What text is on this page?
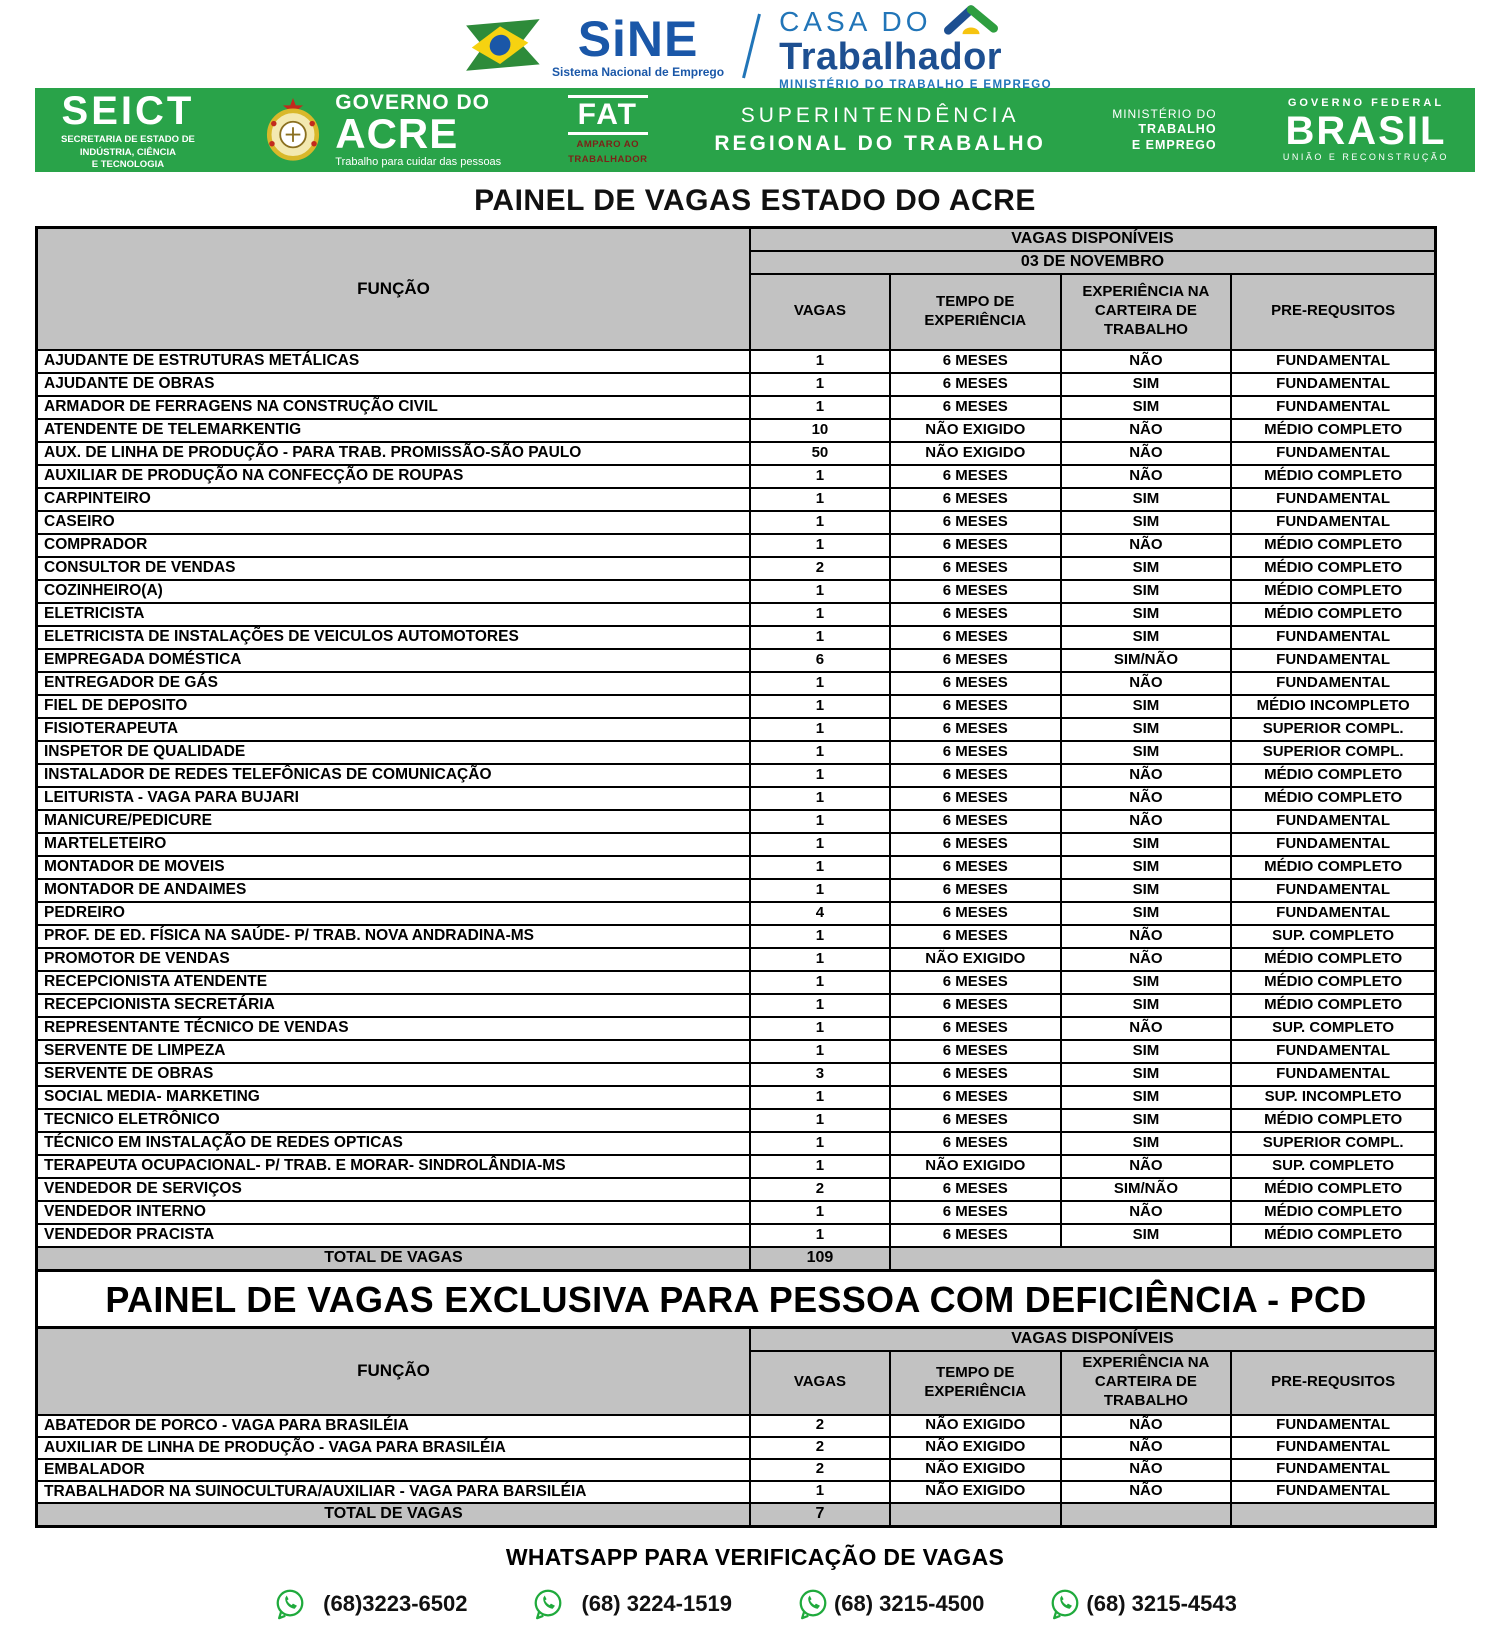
SiNE
Sistema Nacional de Emprego
CASA DO
Trabalhador
MINISTÉRIO DO TRABALHO E EMPREGO
SEICT
SECRETARIA DE ESTADO DE
INDÚSTRIA, CIÊNCIA
E TECNOLOGIA
GOVERNO DO
ACRE
Trabalho para cuidar das pessoas
FAT
AMPARO AO
TRABALHADOR
SUPERINTENDÊNCIA
REGIONAL DO TRABALHO
MINISTÉRIO DO
TRABALHO
E EMPREGO
GOVERNO FEDERAL
BRASIL
UNIÃO E RECONSTRUÇÃO
PAINEL DE VAGAS ESTADO DO ACRE
FUNÇÃO	VAGAS DISPONÍVEIS			
	03 DE NOVEMBRO			
	VAGAS	TEMPO DE EXPERIÊNCIA	EXPERIÊNCIA NA CARTEIRA DE TRABALHO	PRE-REQUSITOS
AJUDANTE DE ESTRUTURAS METÁLICAS	1	6 MESES	NÃO	FUNDAMENTAL
AJUDANTE DE OBRAS	1	6 MESES	SIM	FUNDAMENTAL
ARMADOR DE FERRAGENS NA CONSTRUÇÃO CIVIL	1	6 MESES	SIM	FUNDAMENTAL
ATENDENTE DE TELEMARKENTIG	10	NÃO EXIGIDO	NÃO	MÉDIO COMPLETO
AUX. DE LINHA DE PRODUÇÃO - PARA TRAB. PROMISSÃO-SÃO PAULO	50	NÃO EXIGIDO	NÃO	FUNDAMENTAL
AUXILIAR DE PRODUÇÃO NA CONFECÇÃO DE ROUPAS	1	6 MESES	NÃO	MÉDIO COMPLETO
CARPINTEIRO	1	6 MESES	SIM	FUNDAMENTAL
CASEIRO	1	6 MESES	SIM	FUNDAMENTAL
COMPRADOR	1	6 MESES	NÃO	MÉDIO COMPLETO
CONSULTOR DE VENDAS	2	6 MESES	SIM	MÉDIO COMPLETO
COZINHEIRO(A)	1	6 MESES	SIM	MÉDIO COMPLETO
ELETRICISTA	1	6 MESES	SIM	MÉDIO COMPLETO
ELETRICISTA DE INSTALAÇÕES DE VEICULOS AUTOMOTORES	1	6 MESES	SIM	FUNDAMENTAL
EMPREGADA DOMÉSTICA	6	6 MESES	SIM/NÃO	FUNDAMENTAL
ENTREGADOR DE GÁS	1	6 MESES	NÃO	FUNDAMENTAL
FIEL DE DEPOSITO	1	6 MESES	SIM	MÉDIO INCOMPLETO
FISIOTERAPEUTA	1	6 MESES	SIM	SUPERIOR COMPL.
INSPETOR DE QUALIDADE	1	6 MESES	SIM	SUPERIOR COMPL.
INSTALADOR DE REDES TELEFÔNICAS DE COMUNICAÇÃO	1	6 MESES	NÃO	MÉDIO COMPLETO
LEITURISTA - VAGA PARA BUJARI	1	6 MESES	NÃO	MÉDIO COMPLETO
MANICURE/PEDICURE	1	6 MESES	NÃO	FUNDAMENTAL
MARTELETEIRO	1	6 MESES	SIM	FUNDAMENTAL
MONTADOR DE MOVEIS	1	6 MESES	SIM	MÉDIO COMPLETO
MONTADOR DE ANDAIMES	1	6 MESES	SIM	FUNDAMENTAL
PEDREIRO	4	6 MESES	SIM	FUNDAMENTAL
PROF. DE ED. FÍSICA NA SAÚDE- P/ TRAB. NOVA ANDRADINA-MS	1	6 MESES	NÃO	SUP. COMPLETO
PROMOTOR DE VENDAS	1	NÃO EXIGIDO	NÃO	MÉDIO COMPLETO
RECEPCIONISTA ATENDENTE	1	6 MESES	SIM	MÉDIO COMPLETO
RECEPCIONISTA SECRETÁRIA	1	6 MESES	SIM	MÉDIO COMPLETO
REPRESENTANTE TÉCNICO DE VENDAS	1	6 MESES	NÃO	SUP. COMPLETO
SERVENTE DE LIMPEZA	1	6 MESES	SIM	FUNDAMENTAL
SERVENTE DE OBRAS	3	6 MESES	SIM	FUNDAMENTAL
SOCIAL MEDIA- MARKETING	1	6 MESES	SIM	SUP. INCOMPLETO
TECNICO ELETRÔNICO	1	6 MESES	SIM	MÉDIO COMPLETO
TÉCNICO EM INSTALAÇÃO DE REDES OPTICAS	1	6 MESES	SIM	SUPERIOR COMPL.
TERAPEUTA OCUPACIONAL- P/ TRAB. E MORAR- SINDROLÂNDIA-MS	1	NÃO EXIGIDO	NÃO	SUP. COMPLETO
VENDEDOR DE SERVIÇOS	2	6 MESES	SIM/NÃO	MÉDIO COMPLETO
VENDEDOR INTERNO	1	6 MESES	NÃO	MÉDIO COMPLETO
VENDEDOR PRACISTA	1	6 MESES	SIM	MÉDIO COMPLETO
TOTAL DE VAGAS	109			
PAINEL DE VAGAS EXCLUSIVA PARA PESSOA COM DEFICIÊNCIA - PCD
FUNÇÃO	VAGAS DISPONÍVEIS			
	VAGAS	TEMPO DE EXPERIÊNCIA	EXPERIÊNCIA NA CARTEIRA DE TRABALHO	PRE-REQUSITOS
ABATEDOR DE PORCO - VAGA PARA BRASILÉIA	2	NÃO EXIGIDO	NÃO	FUNDAMENTAL
AUXILIAR DE LINHA DE PRODUÇÃO - VAGA PARA BRASILÉIA	2	NÃO EXIGIDO	NÃO	FUNDAMENTAL
EMBALADOR	2	NÃO EXIGIDO	NÃO	FUNDAMENTAL
TRABALHADOR NA SUINOCULTURA/AUXILIAR - VAGA PARA BARSILÉIA	1	NÃO EXIGIDO	NÃO	FUNDAMENTAL
TOTAL DE VAGAS	7			
WHATSAPP PARA VERIFICAÇÃO DE VAGAS
(68)3223-6502	(68) 3224-1519	(68) 3215-4500	(68) 3215-4543
